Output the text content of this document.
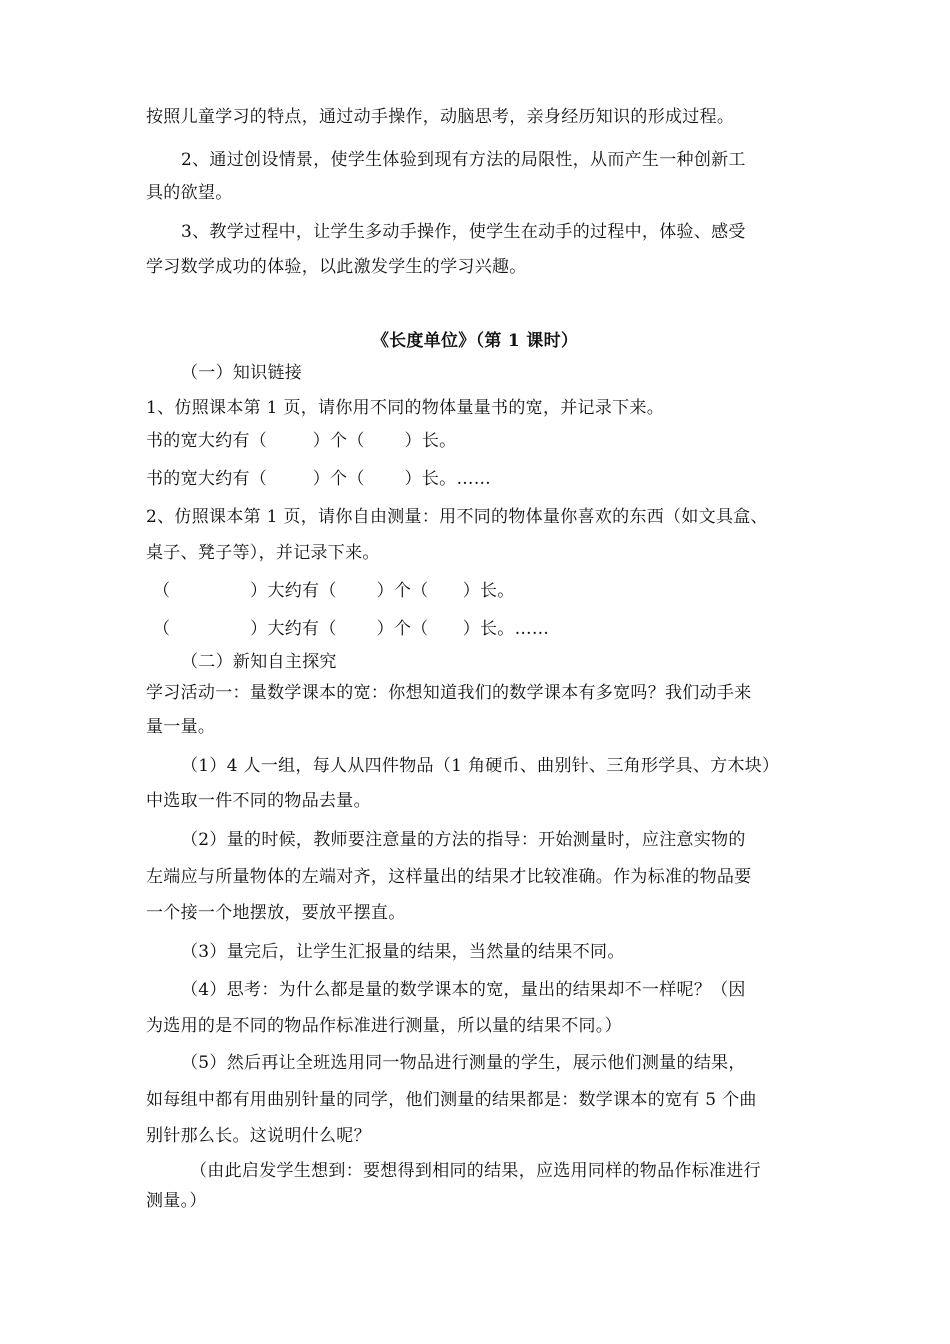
按照儿童学习的特点，通过动手操作，动脑思考，亲身经历知识的形成过程。
2、通过创设情景，使学生体验到现有方法的局限性，从而产生一种创新工
具的欲望。
3、教学过程中，让学生多动手操作，使学生在动手的过程中，体验、感受
学习数学成功的体验，以此激发学生的学习兴趣。
《长度单位》（第 1 课时）
（一）知识链接
1、仿照课本第 1 页，请你用不同的物体量量书的宽，并记录下来。
书的宽大约有（        ）个（       ）长。
书的宽大约有（        ）个（       ）长。……
2、仿照课本第 1 页，请你自由测量：用不同的物体量你喜欢的东西（如文具盒、
桌子、凳子等），并记录下来。
（              ）大约有（       ）个（      ）长。
（              ）大约有（       ）个（      ）长。……
（二）新知自主探究
学习活动一：量数学课本的宽：你想知道我们的数学课本有多宽吗？我们动手来
量一量。
（1）4 人一组，每人从四件物品（1 角硬币、曲别针、三角形学具、方木块）
中选取一件不同的物品去量。
（2）量的时候，教师要注意量的方法的指导：开始测量时，应注意实物的
左端应与所量物体的左端对齐，这样量出的结果才比较准确。作为标准的物品要
一个接一个地摆放，要放平摆直。
（3）量完后，让学生汇报量的结果，当然量的结果不同。
（4）思考：为什么都是量的数学课本的宽，量出的结果却不一样呢？（因
为选用的是不同的物品作标准进行测量，所以量的结果不同。）
（5）然后再让全班选用同一物品进行测量的学生，展示他们测量的结果，
如每组中都有用曲别针量的同学，他们测量的结果都是：数学课本的宽有 5 个曲
别针那么长。这说明什么呢？
（由此启发学生想到：要想得到相同的结果，应选用同样的物品作标准进行
测量。）
